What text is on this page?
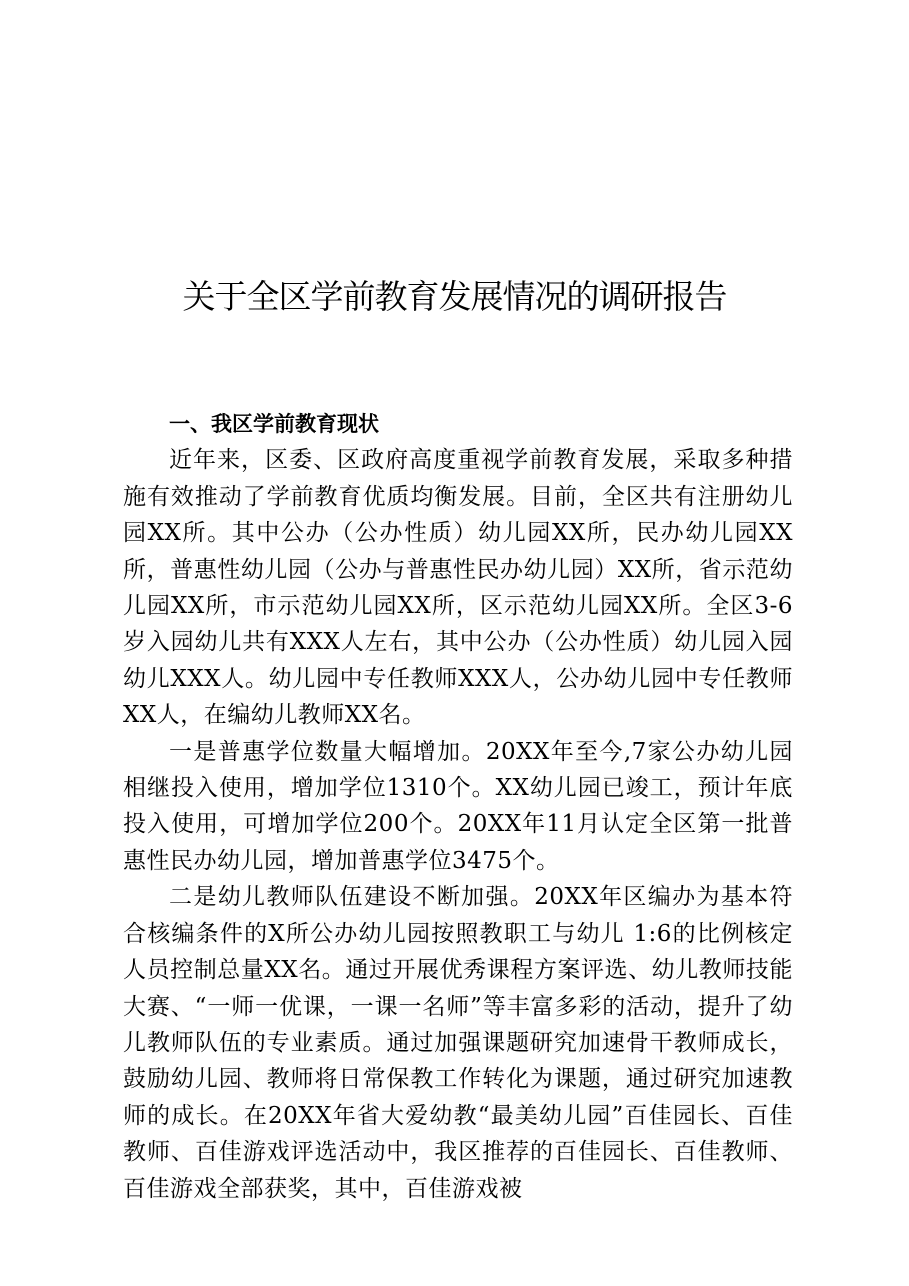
关于全区学前教育发展情况的调研报告
一、我区学前教育现状

近年来，区委、区政府高度重视学前教育发展，采取多种措施有效推动了学前教育优质均衡发展。目前，全区共有注册幼儿园XX所。其中公办（公办性质）幼儿园XX所，民办幼儿园XX所，普惠性幼儿园（公办与普惠性民办幼儿园）XX所，省示范幼儿园XX所，市示范幼儿园XX所，区示范幼儿园XX所。全区3-6岁入园幼儿共有XXX人左右，其中公办（公办性质）幼儿园入园幼儿XXX人。幼儿园中专任教师XXX人，公办幼儿园中专任教师XX人，在编幼儿教师XX名。

一是普惠学位数量大幅增加。20XX年至今,7家公办幼儿园相继投入使用，增加学位1310个。XX幼儿园已竣工，预计年底投入使用，可增加学位200个。20XX年11月认定全区第一批普惠性民办幼儿园，增加普惠学位3475个。

二是幼儿教师队伍建设不断加强。20XX年区编办为基本符合核编条件的X所公办幼儿园按照教职工与幼儿 1:6的比例核定人员控制总量XX名。通过开展优秀课程方案评选、幼儿教师技能大赛、“一师一优课，一课一名师”等丰富多彩的活动，提升了幼儿教师队伍的专业素质。通过加强课题研究加速骨干教师成长，鼓励幼儿园、教师将日常保教工作转化为课题，通过研究加速教师的成长。在20XX年省大爱幼教“最美幼儿园”百佳园长、百佳教师、百佳游戏评选活动中，我区推荐的百佳园长、百佳教师、百佳游戏全部获奖，其中，百佳游戏被
